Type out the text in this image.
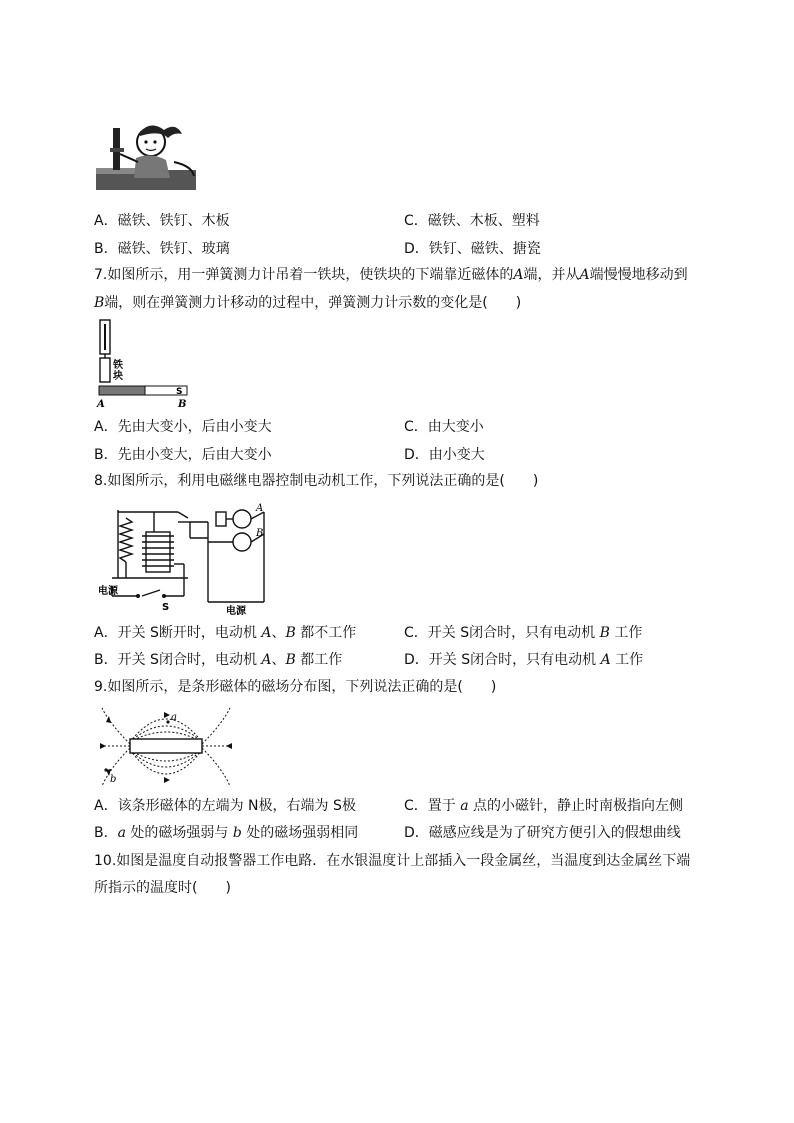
A．磁铁、铁钉、木板	C．磁铁、木板、塑料
B．磁铁、铁钉、玻璃	D．铁钉、磁铁、搪瓷
7.如图所示，用一弹簧测力计吊着一铁块，使铁块的下端靠近磁体的A端，并从A端慢慢地移动到
B端，则在弹簧测力计移动的过程中，弹簧测力计示数的变化是(　　)
铁
块
S
A	B
A．先由大变小，后由小变大	C．由大变小
B．先由小变大，后由大变小	D．由小变大
8.如图所示，利用电磁继电器控制电动机工作，下列说法正确的是(　　)
电源
S	电源
A
B
A．开关 S断开时，电动机 A、B 都不工作	C．开关 S闭合时，只有电动机 B 工作
B．开关 S闭合时，电动机 A、B 都工作	D．开关 S闭合时，只有电动机 A 工作
9.如图所示，是条形磁体的磁场分布图，下列说法正确的是(　　)
a
b
A．该条形磁体的左端为 N极，右端为 S极	C．置于 a 点的小磁针，静止时南极指向左侧
B．a 处的磁场强弱与 b 处的磁场强弱相同	D．磁感应线是为了研究方便引入的假想曲线
10.如图是温度自动报警器工作电路．在水银温度计上部插入一段金属丝，当温度到达金属丝下端
所指示的温度时(　　)
